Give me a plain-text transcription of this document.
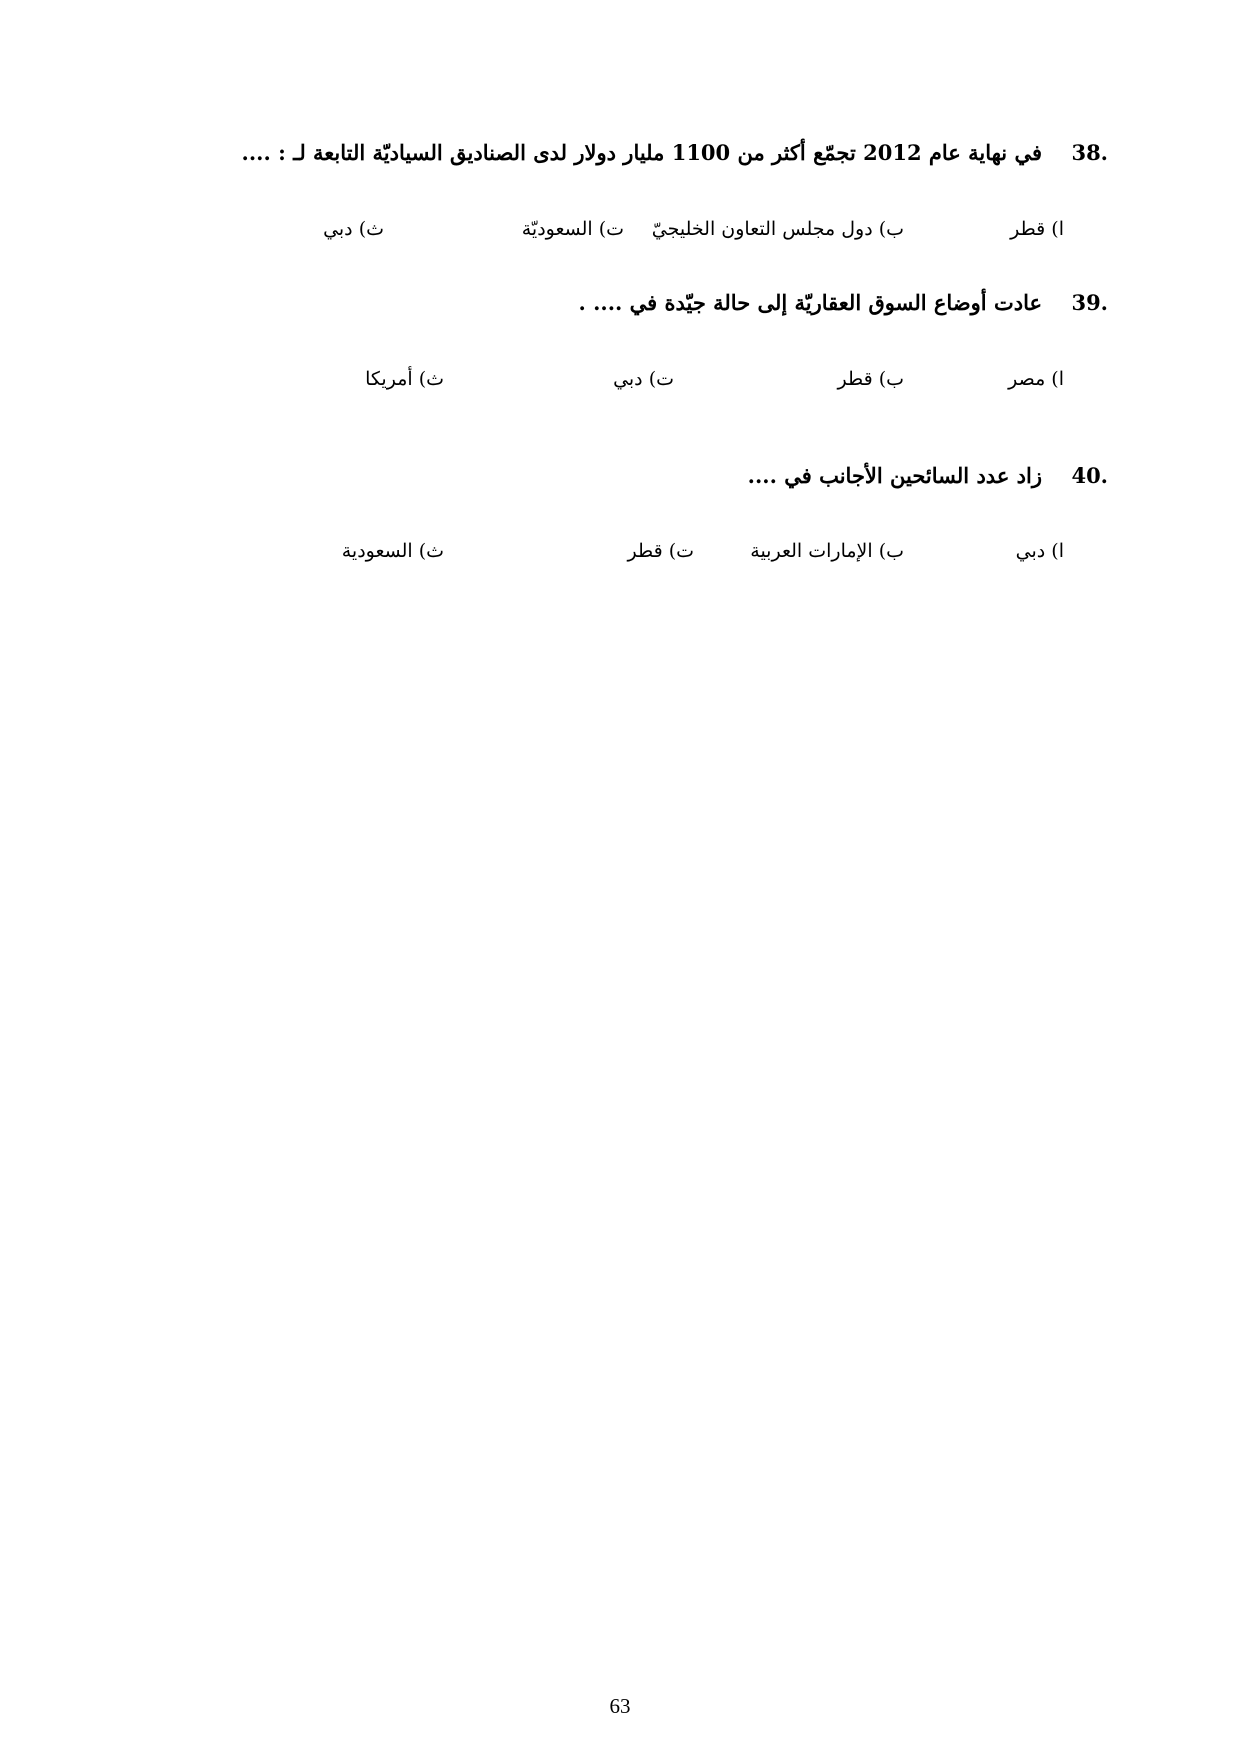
38.
في نهاية عام 2012 تجمّع أكثر من 1100 مليار دولار لدى الصناديق السياديّة التابعة لـ : ....
ا) قطر
ب) دول مجلس التعاون الخليجيّ
ت) السعوديّة
ث) دبي
39.
عادت أوضاع السوق العقاريّة إلى حالة جيّدة في .... .
ا) مصر
ب) قطر
ت) دبي
ث) أمريكا
40.
زاد عدد السائحين الأجانب في ....
ا) دبي
ب) الإمارات العربية
ت) قطر
ث) السعودية
63
